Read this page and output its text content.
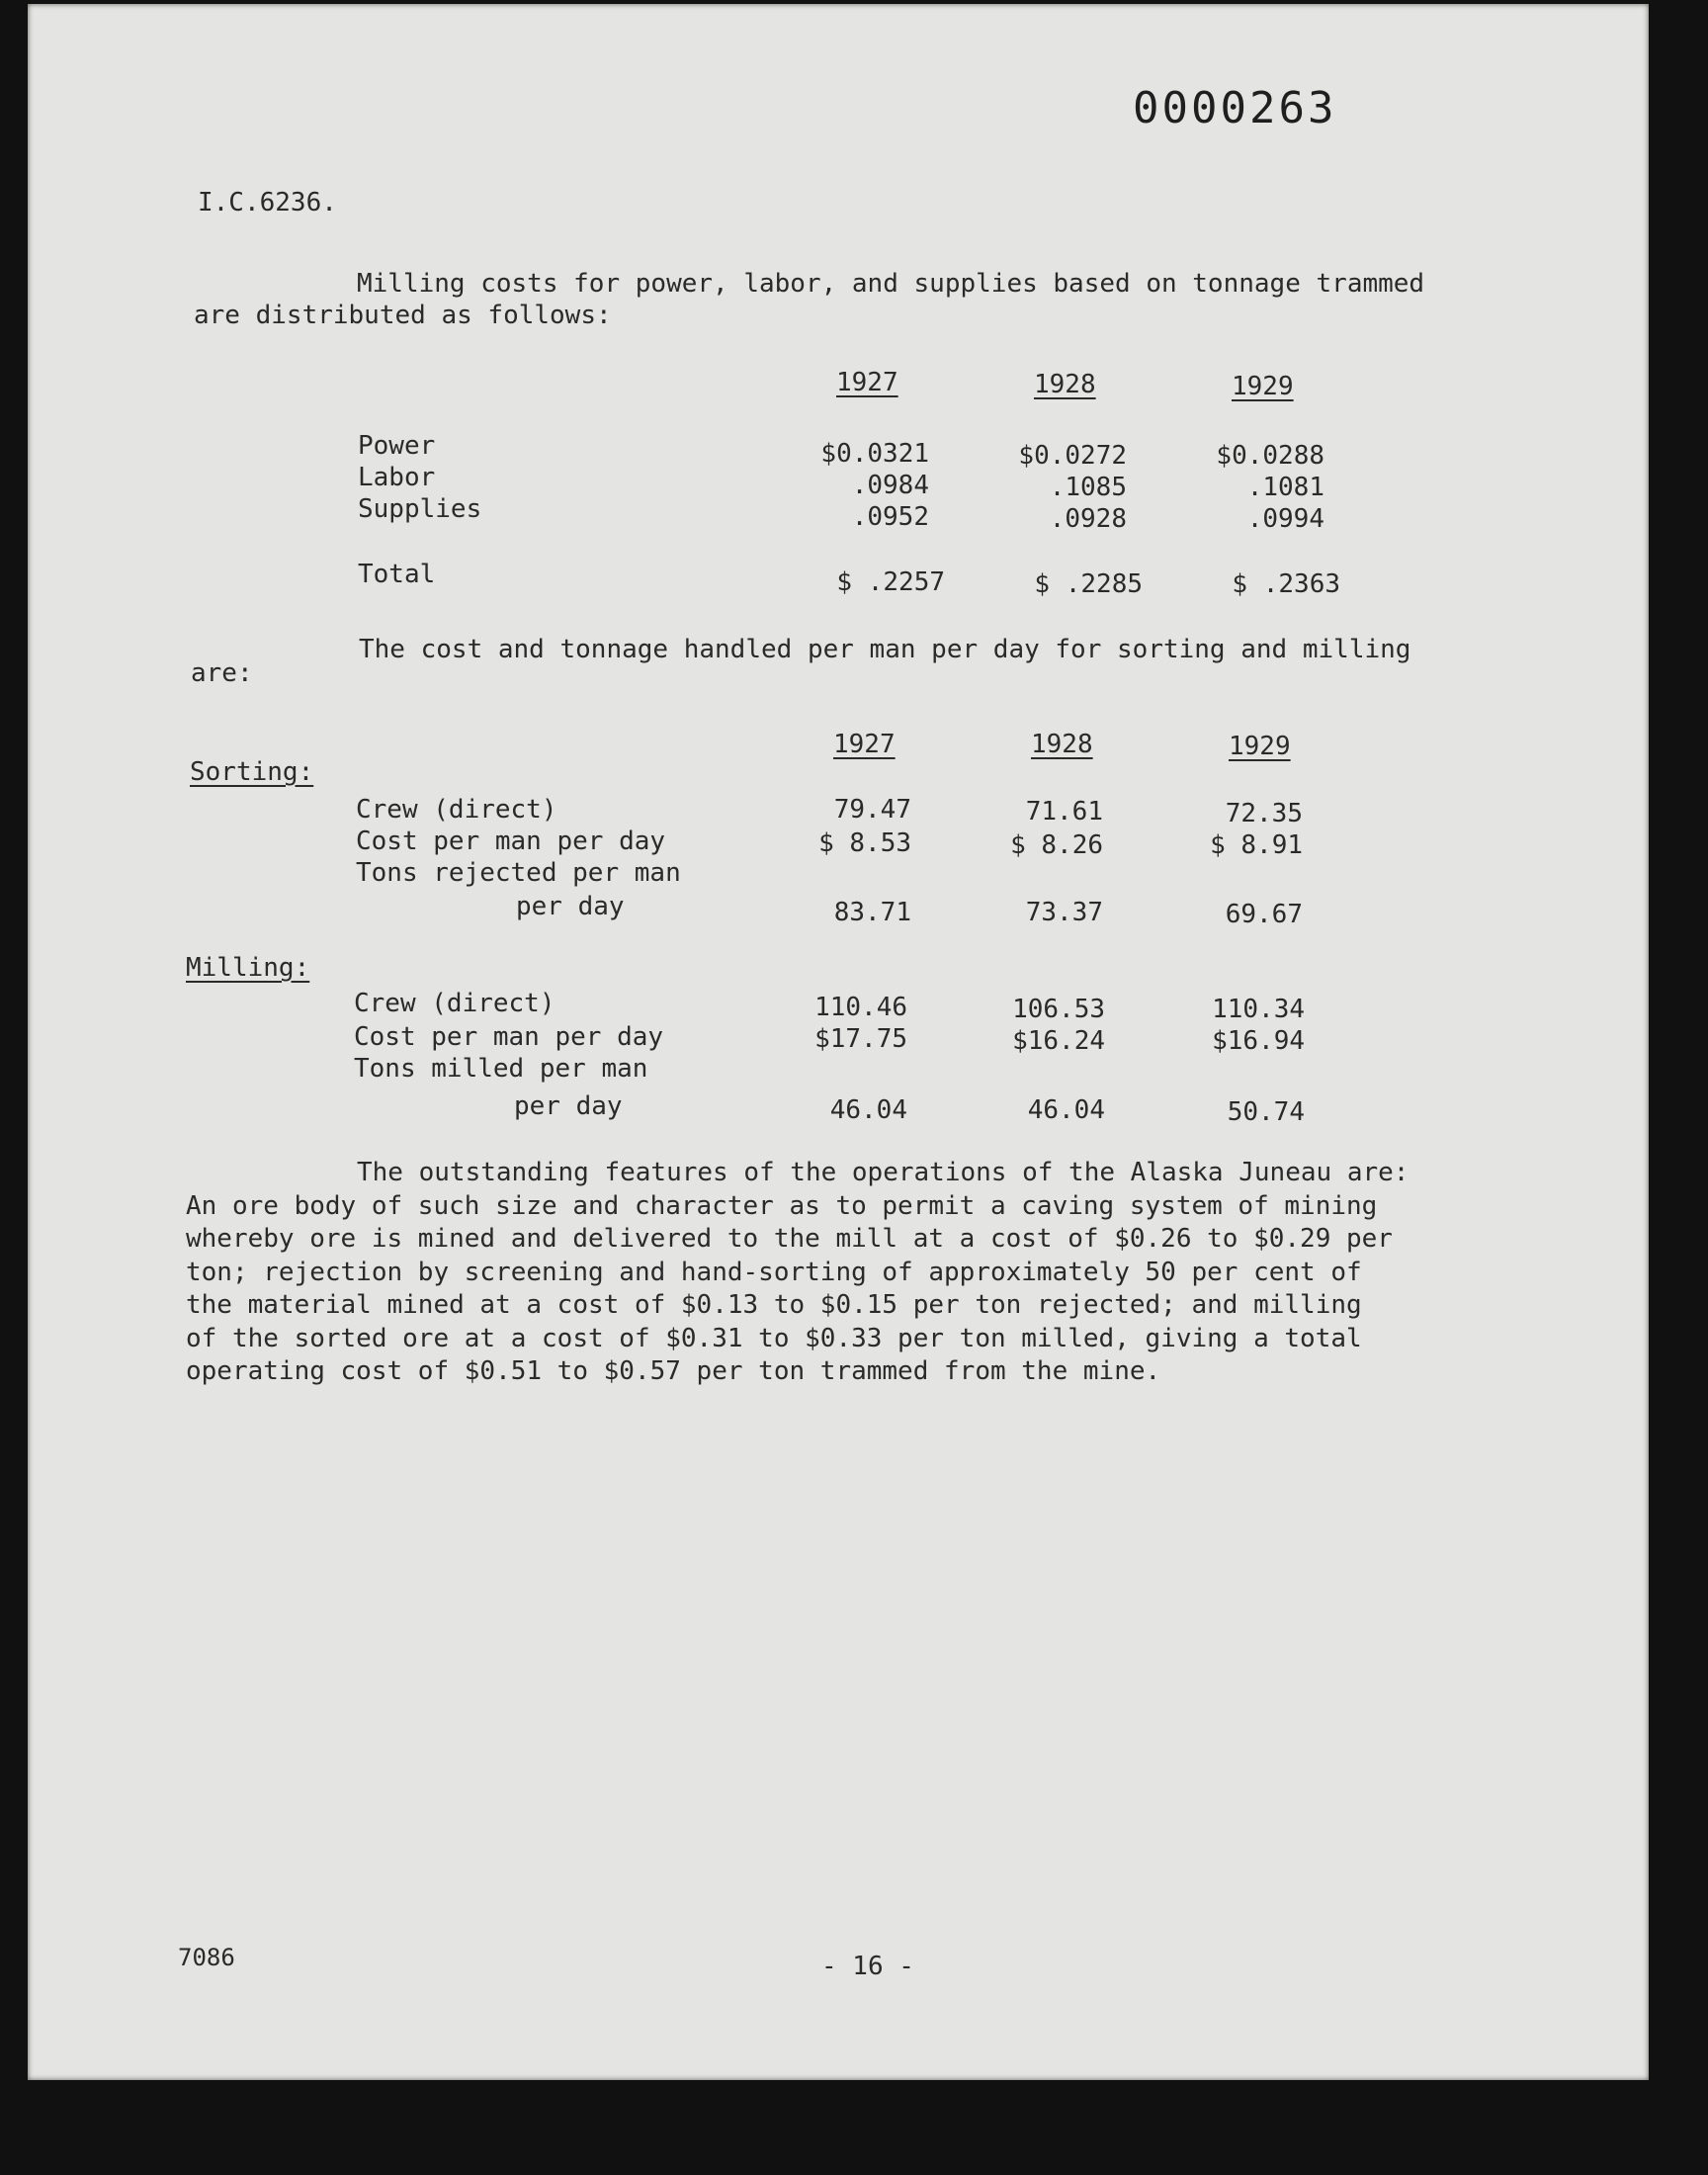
0000263
I.C.6236.
Milling costs for power, labor, and supplies based on tonnage trammed
are distributed as follows:
1927	1928	1929
Power	$0.0321	$0.0272	$0.0288
Labor	.0984	.1085	.1081
Supplies	.0952	.0928	.0994
Total	$ .2257	$ .2285	$ .2363
The cost and tonnage handled per man per day for sorting and milling
are:
1927	1928	1929
Sorting:
Crew (direct)	79.47	71.61	72.35
Cost per man per day	$ 8.53	$ 8.26	$ 8.91
Tons rejected per man
per day	83.71	73.37	69.67
Milling:
Crew (direct)	110.46	106.53	110.34
Cost per man per day	$17.75	$16.24	$16.94
Tons milled per man
per day	46.04	46.04	50.74
The outstanding features of the operations of the Alaska Juneau are:
An ore body of such size and character as to permit a caving system of mining
whereby ore is mined and delivered to the mill at a cost of $0.26 to $0.29 per
ton; rejection by screening and hand-sorting of approximately 50 per cent of
the material mined at a cost of $0.13 to $0.15 per ton rejected; and milling
of the sorted ore at a cost of $0.31 to $0.33 per ton milled, giving a total
operating cost of $0.51 to $0.57 per ton trammed from the mine.
7086	- 16 -
